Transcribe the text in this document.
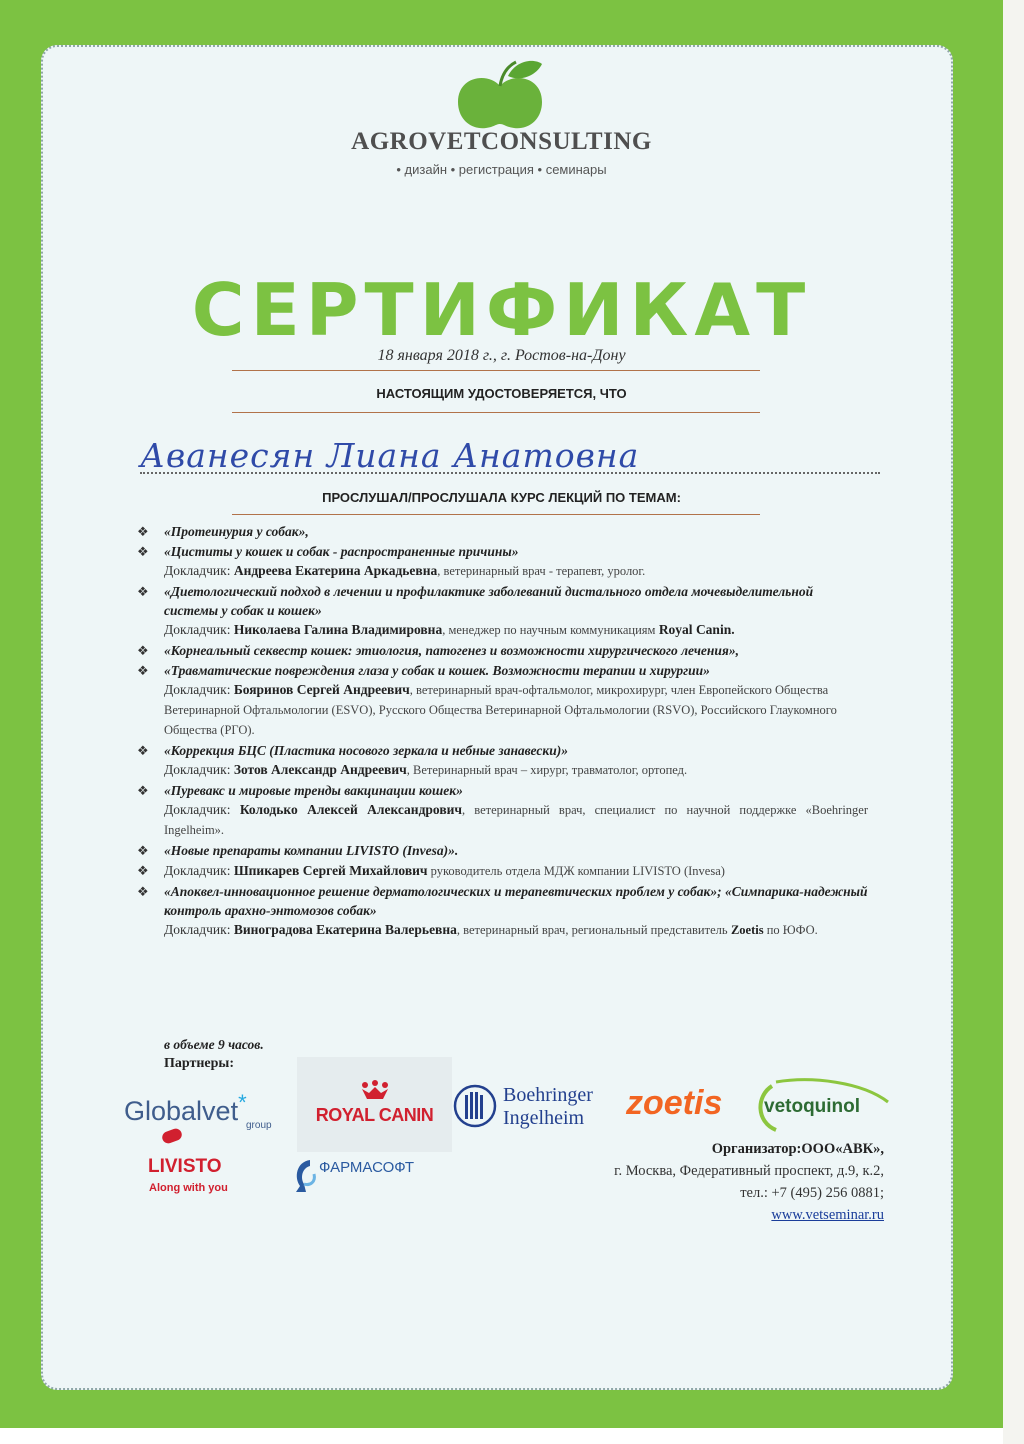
AGROVETCONSULTING
• дизайн • регистрация • семинары
СЕРТИФИКАТ
18 января 2018 г., г. Ростов-на-Дону
НАСТОЯЩИМ УДОСТОВЕРЯЕТСЯ, ЧТО
Аванесян Лиана Анатовна
ПРОСЛУШАЛ/ПРОСЛУШАЛА КУРС ЛЕКЦИЙ ПО ТЕМАМ:
❖ «Протеинурия у собак»,
❖ «Циститы у кошек и собак - распространенные причины»
Докладчик: Андреева Екатерина Аркадьевна, ветеринарный врач - терапевт, уролог.
❖ «Диетологический подход в лечении и профилактике заболеваний дистального отдела мочевыделительной системы у собак и кошек»
Докладчик: Николаева Галина Владимировна, менеджер по научным коммуникациям Royal Canin.
❖ «Корнеальный секвестр кошек: этиология, патогенез и возможности хирургического лечения»,
❖ «Травматические повреждения глаза у собак и кошек. Возможности терапии и хирургии»
Докладчик: Бояринов Сергей Андреевич, ветеринарный врач-офтальмолог, микрохирург, член Европейского Общества Ветеринарной Офтальмологии (ESVO), Русского Общества Ветеринарной Офтальмологии (RSVO), Российского Глаукомного Общества (РГО).
❖ «Коррекция БЦС (Пластика носового зеркала и небные занавески)»
Докладчик: Зотов Александр Андреевич, Ветеринарный врач – хирург, травматолог, ортопед.
❖ «Пуревакс и мировые тренды вакцинации кошек»
Докладчик: Колодько Алексей Александрович, ветеринарный врач, специалист по научной поддержке «Boehringer Ingelheim».
❖ «Новые препараты компании LIVISTO (Invesa)».
❖ Докладчик: Шпикарев Сергей Михайлович руководитель отдела МДЖ компании LIVISTO (Invesa)
❖ «Апоквел-инновационное решение дерматологических и терапевтических проблем у собак»; «Симпарика-надежный контроль арахно-энтомозов собак»
Докладчик: Виноградова Екатерина Валерьевна, ветеринарный врач, региональный представитель Zoetis по ЮФО.
в объеме 9 часов.
Партнеры:
Globalvet*
group
ROYAL CANIN
Boehringer
Ingelheim zoetis vetoquinol
LIVISTO
Along with you
ФАРМАСОФТ
Организатор:ООО«АВК»,
г. Москва, Федеративный проспект, д.9, к.2,
тел.: +7 (495) 256 0881;
www.vetseminar.ru
